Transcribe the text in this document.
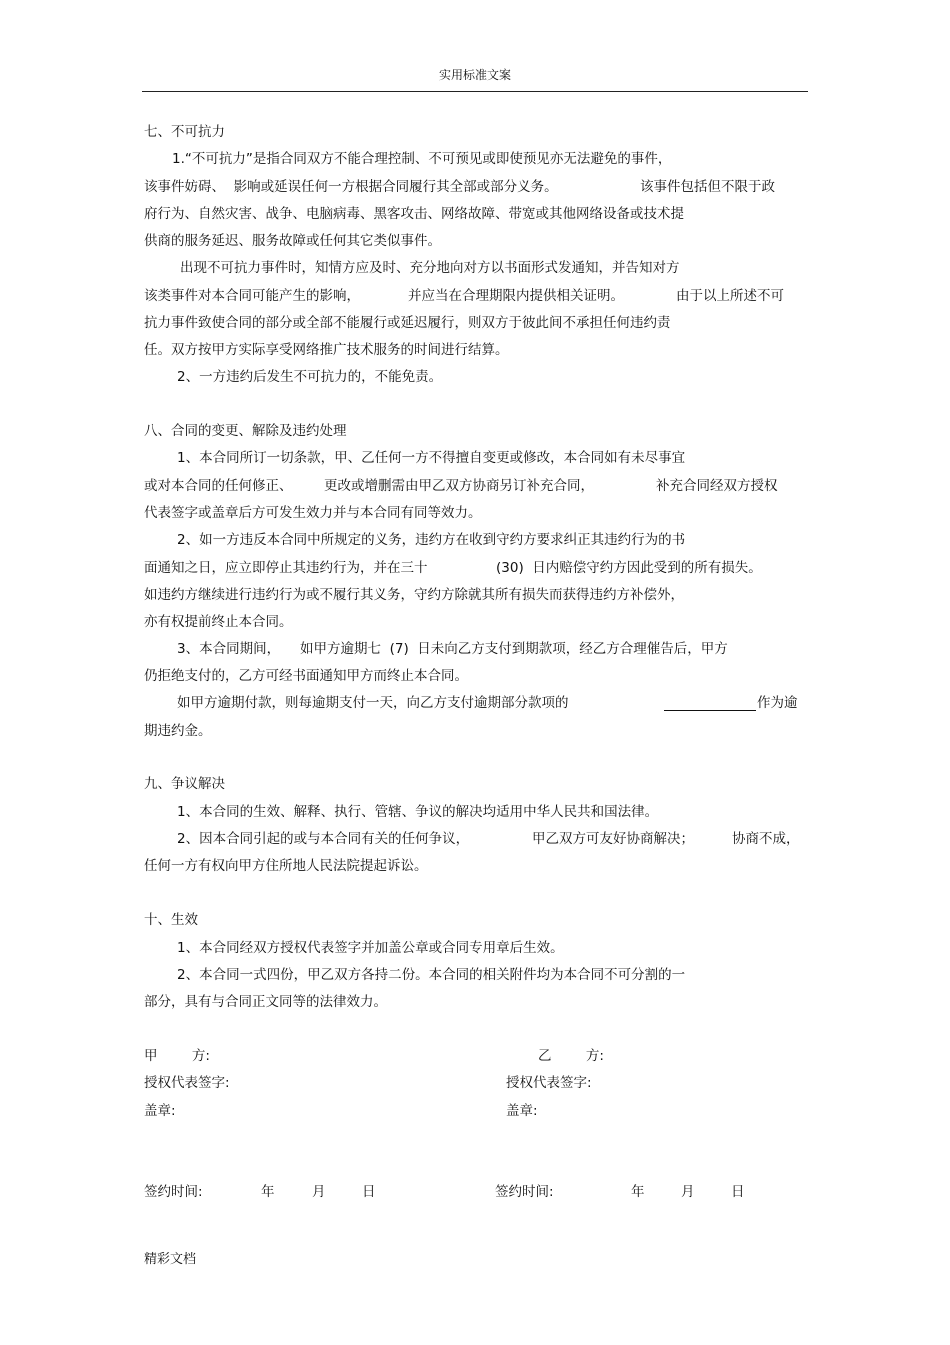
实用标准文案
七、不可抗力
1.“不可抗力”是指合同双方不能合理控制、不可预见或即使预见亦无法避免的事件，
该事件妨碍、  影响或延误任何一方根据合同履行其全部或部分义务。	该事件包括但不限于政
府行为、自然灾害、战争、电脑病毒、黑客攻击、网络故障、带宽或其他网络设备或技术提
供商的服务延迟、服务故障或任何其它类似事件。
出现不可抗力事件时，知情方应及时、充分地向对方以书面形式发通知，并告知对方
该类事件对本合同可能产生的影响，	并应当在合理期限内提供相关证明。	由于以上所述不可
抗力事件致使合同的部分或全部不能履行或延迟履行，则双方于彼此间不承担任何违约责
任。双方按甲方实际享受网络推广技术服务的时间进行结算。
2、一方违约后发生不可抗力的，不能免责。
八、合同的变更、解除及违约处理
1、本合同所订一切条款，甲、乙任何一方不得擅自变更或修改，本合同如有未尽事宜
或对本合同的任何修正、 更改或增删需由甲乙双方协商另订补充合同，	补充合同经双方授权
代表签字或盖章后方可发生效力并与本合同有同等效力。
2、如一方违反本合同中所规定的义务，违约方在收到守约方要求纠正其违约行为的书
面通知之日，应立即停止其违约行为，并在三十	(30)  日内赔偿守约方因此受到的所有损失。
如违约方继续进行违约行为或不履行其义务，守约方除就其所有损失而获得违约方补偿外，
亦有权提前终止本合同。
3、本合同期间， 如甲方逾期七  (7)  日未向乙方支付到期款项，经乙方合理催告后，甲方
仍拒绝支付的，乙方可经书面通知甲方而终止本合同。
如甲方逾期付款，则每逾期支付一天，向乙方支付逾期部分款项的	作为逾
期违约金。
九、争议解决
1、本合同的生效、解释、执行、管辖、争议的解决均适用中华人民共和国法律。
2、因本合同引起的或与本合同有关的任何争议，	甲乙双方可友好协商解决；	协商不成，
任何一方有权向甲方住所地人民法院提起诉讼。
十、生效
1、本合同经双方授权代表签字并加盖公章或合同专用章后生效。
2、本合同一式四份，甲乙双方各持二份。本合同的相关附件均为本合同不可分割的一
部分，具有与合同正文同等的法律效力。
甲        方:	乙        方:
授权代表签字:	授权代表签字:
盖章:	盖章:
签约时间:	年	月	日	签约时间:	年	月	日
精彩文档
